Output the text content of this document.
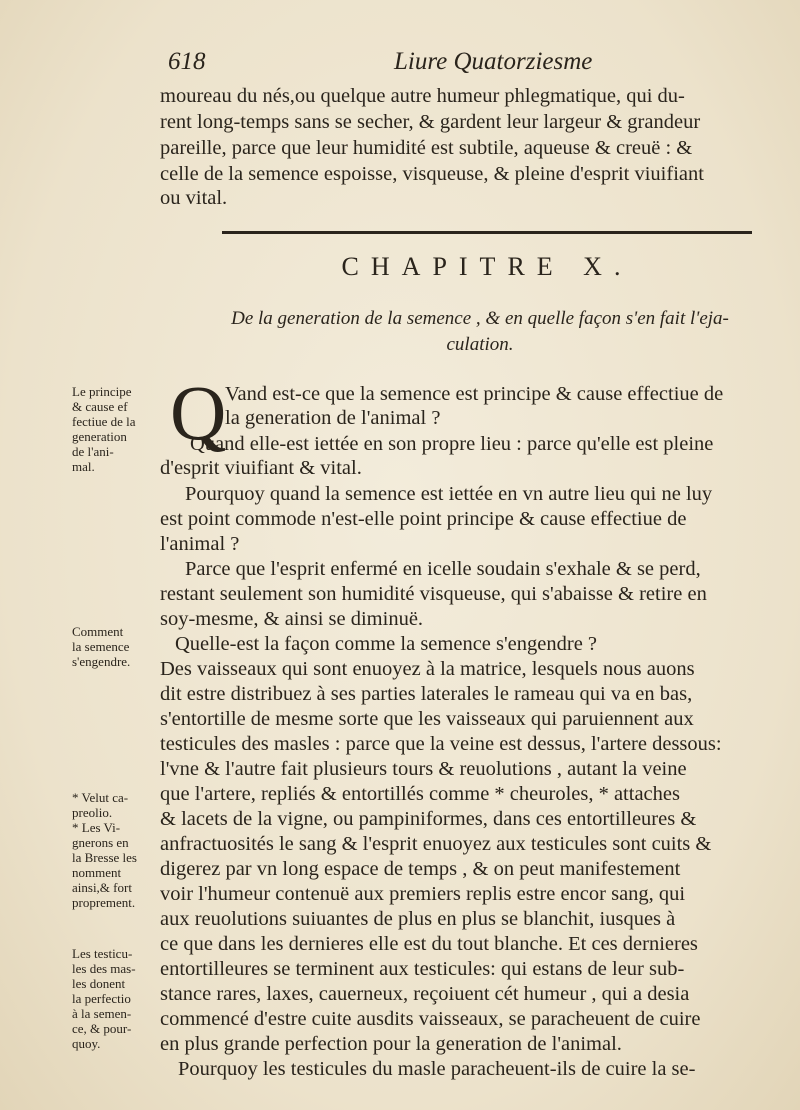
618	Liure Quatorziesme
moureau du nés,ou quelque autre humeur phlegmatique, qui du-
rent long-temps sans se secher, & gardent leur largeur & grandeur
pareille, parce que leur humidité est subtile, aqueuse & creuë : &
celle de la semence espoisse, visqueuse, & pleine d'esprit viuifiant
ou vital.
CHAPITRE X.
De la generation de la semence , & en quelle façon s'en fait l'eja-
culation.
Q
Vand est-ce que la semence est principe & cause effectiue de
la generation de l'animal ?
Quand elle-est iettée en son propre lieu : parce qu'elle est pleine
d'esprit viuifiant & vital.
Pourquoy quand la semence est iettée en vn autre lieu qui ne luy
est point commode n'est-elle point principe & cause effectiue de
l'animal ?
Parce que l'esprit enfermé en icelle soudain s'exhale & se perd,
restant seulement son humidité visqueuse, qui s'abaisse & retire en
soy-mesme, & ainsi se diminuë.
Quelle-est la façon comme la semence s'engendre ?
Des vaisseaux qui sont enuoyez à la matrice, lesquels nous auons
dit estre distribuez à ses parties laterales le rameau qui va en bas,
s'entortille de mesme sorte que les vaisseaux qui paruiennent aux
testicules des masles : parce que la veine est dessus, l'artere dessous:
l'vne & l'autre fait plusieurs tours & reuolutions , autant la veine
que l'artere, repliés & entortillés comme * cheuroles, * attaches
& lacets de la vigne, ou pampiniformes, dans ces entortilleures &
anfractuosités le sang & l'esprit enuoyez aux testicules sont cuits &
digerez par vn long espace de temps , & on peut manifestement
voir l'humeur contenuë aux premiers replis estre encor sang, qui
aux reuolutions suiuantes de plus en plus se blanchit, iusques à
ce que dans les dernieres elle est du tout blanche. Et ces dernieres
entortilleures se terminent aux testicules: qui estans de leur sub-
stance rares, laxes, cauerneux, reçoiuent cét humeur , qui a desia
commencé d'estre cuite ausdits vaisseaux, se paracheuent de cuire
en plus grande perfection pour la generation de l'animal.
Pourquoy les testicules du masle paracheuent-ils de cuire la se-
Le principe
& cause ef
fectiue de la
generation
de l'ani-
mal.
Comment
la semence
s'engendre.
* Velut ca-
preolio.
* Les Vi-
gnerons en
la Bresse les
nomment
ainsi,& fort
proprement.
Les testicu-
les des mas-
les donent
la perfectio
à la semen-
ce, & pour-
quoy.
